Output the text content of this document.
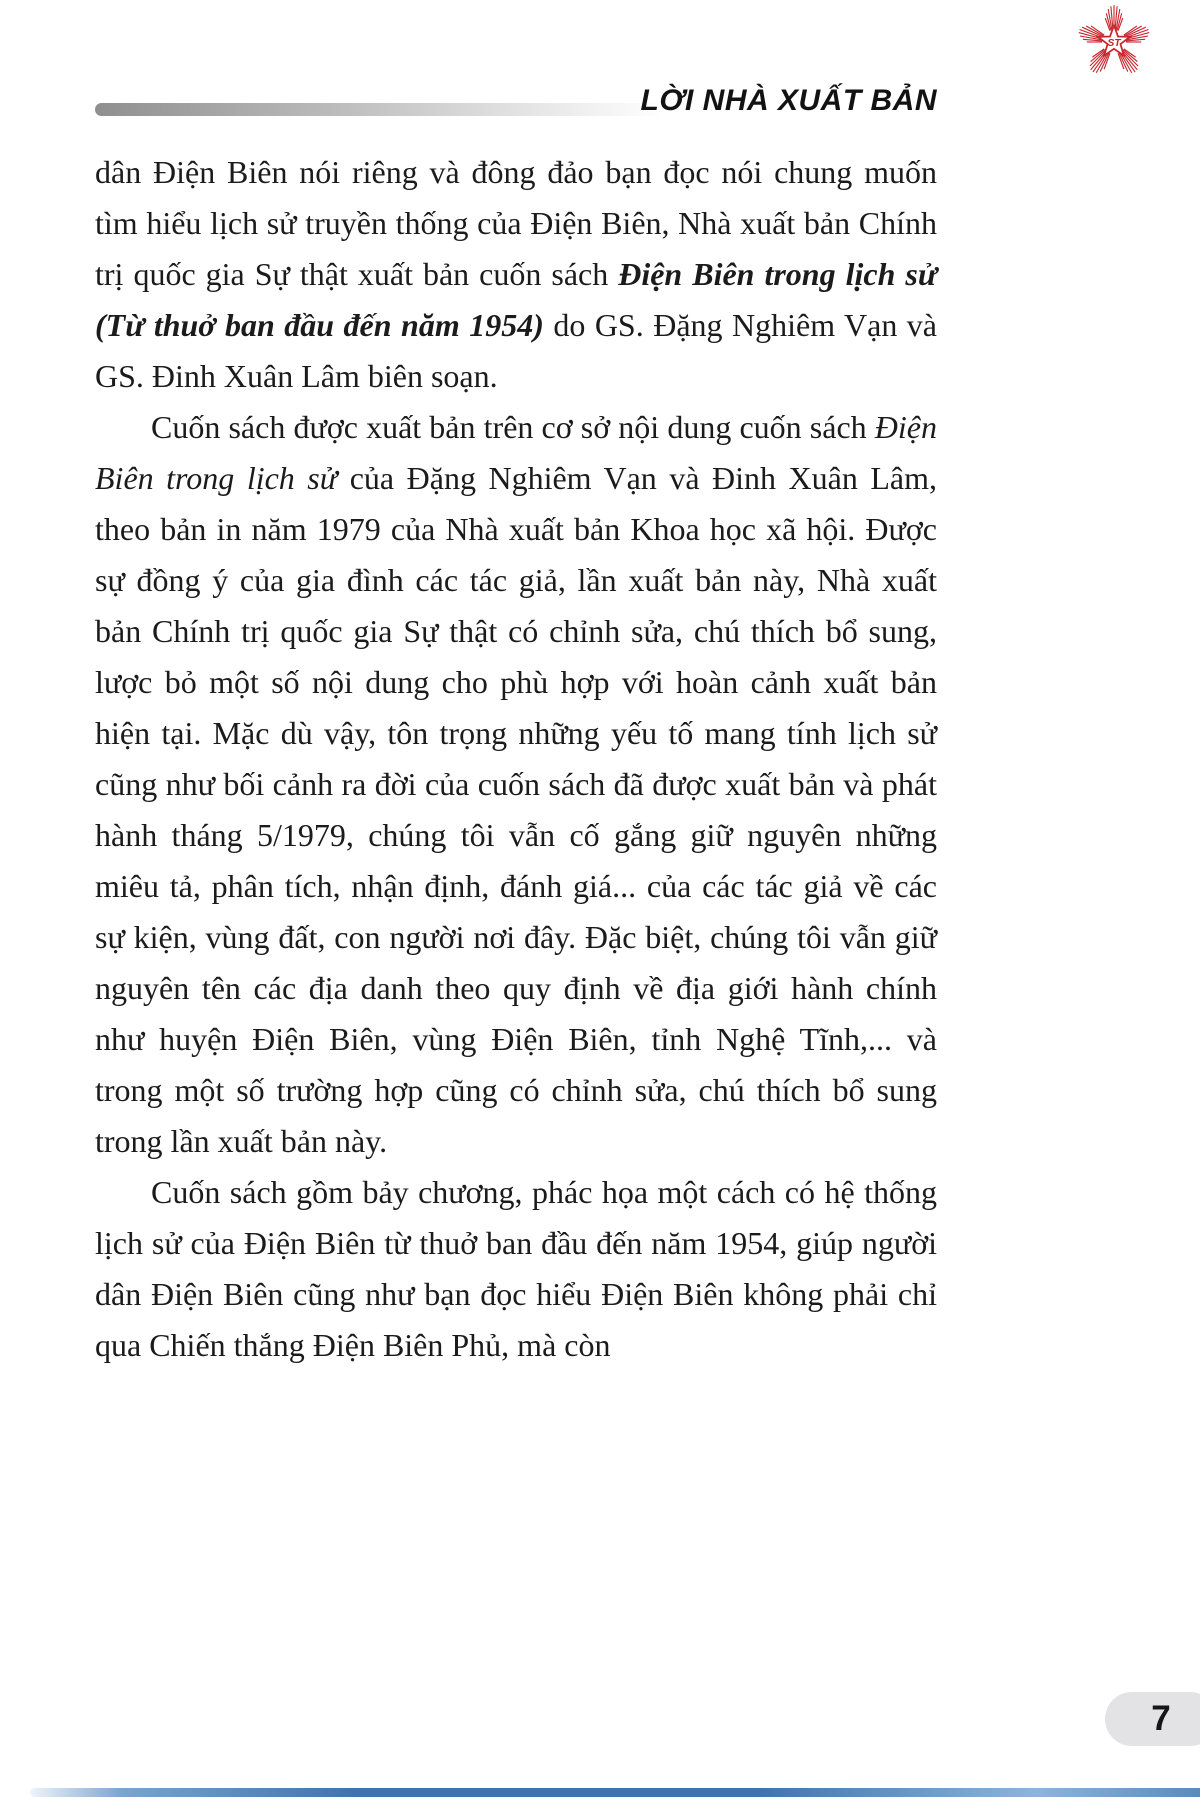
ST
LỜI NHÀ XUẤT BẢN

dân Điện Biên nói riêng và đông đảo bạn đọc nói chung muốn tìm hiểu lịch sử truyền thống của Điện Biên, Nhà xuất bản Chính trị quốc gia Sự thật xuất bản cuốn sách Điện Biên trong lịch sử (Từ thuở ban đầu đến năm 1954) do GS. Đặng Nghiêm Vạn và GS. Đinh Xuân Lâm biên soạn.

Cuốn sách được xuất bản trên cơ sở nội dung cuốn sách Điện Biên trong lịch sử của Đặng Nghiêm Vạn và Đinh Xuân Lâm, theo bản in năm 1979 của Nhà xuất bản Khoa học xã hội. Được sự đồng ý của gia đình các tác giả, lần xuất bản này, Nhà xuất bản Chính trị quốc gia Sự thật có chỉnh sửa, chú thích bổ sung, lược bỏ một số nội dung cho phù hợp với hoàn cảnh xuất bản hiện tại. Mặc dù vậy, tôn trọng những yếu tố mang tính lịch sử cũng như bối cảnh ra đời của cuốn sách đã được xuất bản và phát hành tháng 5/1979, chúng tôi vẫn cố gắng giữ nguyên những miêu tả, phân tích, nhận định, đánh giá... của các tác giả về các sự kiện, vùng đất, con người nơi đây. Đặc biệt, chúng tôi vẫn giữ nguyên tên các địa danh theo quy định về địa giới hành chính như huyện Điện Biên, vùng Điện Biên, tỉnh Nghệ Tĩnh,... và trong một số trường hợp cũng có chỉnh sửa, chú thích bổ sung trong lần xuất bản này.

Cuốn sách gồm bảy chương, phác họa một cách có hệ thống lịch sử của Điện Biên từ thuở ban đầu đến năm 1954, giúp người dân Điện Biên cũng như bạn đọc hiểu Điện Biên không phải chỉ qua Chiến thắng Điện Biên Phủ, mà còn

7
